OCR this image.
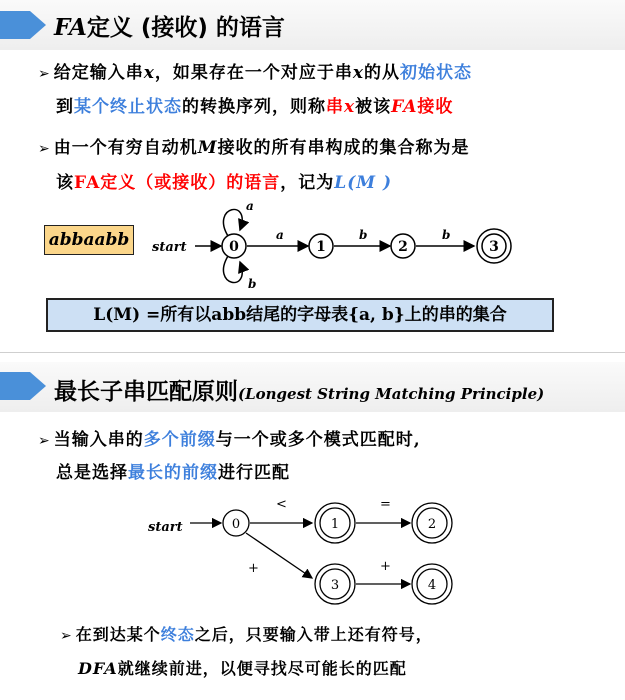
FA定义 (接收) 的语言
➢ 给定输入串x，如果存在一个对应于串x的从初始状态
到某个终止状态的转换序列，则称串x被该FA接收
➢ 由一个有穷自动机M接收的所有串构成的集合称为是
该FA定义（或接收）的语言，记为L(M )
abbaabb	start
a
b
0
a
1
b
2
b
3
L(M) =所有以abb结尾的字母表{a, b}上的串的集合
最长子串匹配原则(Longest String Matching Principle)
➢ 当输入串的多个前缀与一个或多个模式匹配时,
总是选择最长的前缀进行匹配
start	0
<
1
=
2
+
3
+
4
➢ 在到达某个终态之后，只要输入带上还有符号，
DFA就继续前进，以便寻找尽可能长的匹配
